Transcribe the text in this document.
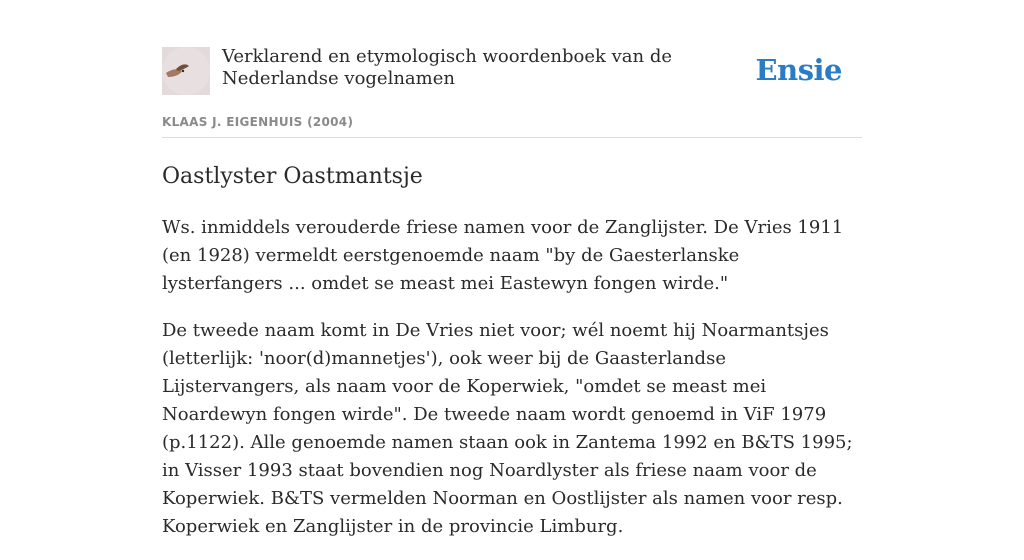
Verklarend en etymologisch woordenboek van de Nederlandse vogelnamen	Ensie

KLAAS J. EIGENHUIS (2004)

Oastlyster Oastmantsje

Ws. inmiddels verouderde friese namen voor de Zanglijster. De Vries 1911 (en 1928) vermeldt eerstgenoemde naam "by de Gaesterlanske lysterfangers ... omdet se meast mei Eastewyn fongen wirde."

De tweede naam komt in De Vries niet voor; wél noemt hij Noarmantsjes (letterlijk: 'noor(d)mannetjes'), ook weer bij de Gaasterlandse Lijstervangers, als naam voor de Koperwiek, "omdet se meast mei Noardewyn fongen wirde". De tweede naam wordt genoemd in ViF 1979 (p.1122). Alle genoemde namen staan ook in Zantema 1992 en B&TS 1995; in Visser 1993 staat bovendien nog Noardlyster als friese naam voor de Koperwiek. B&TS vermelden Noorman en Oostlijster als namen voor resp. Koperwiek en Zanglijster in de provincie Limburg.
